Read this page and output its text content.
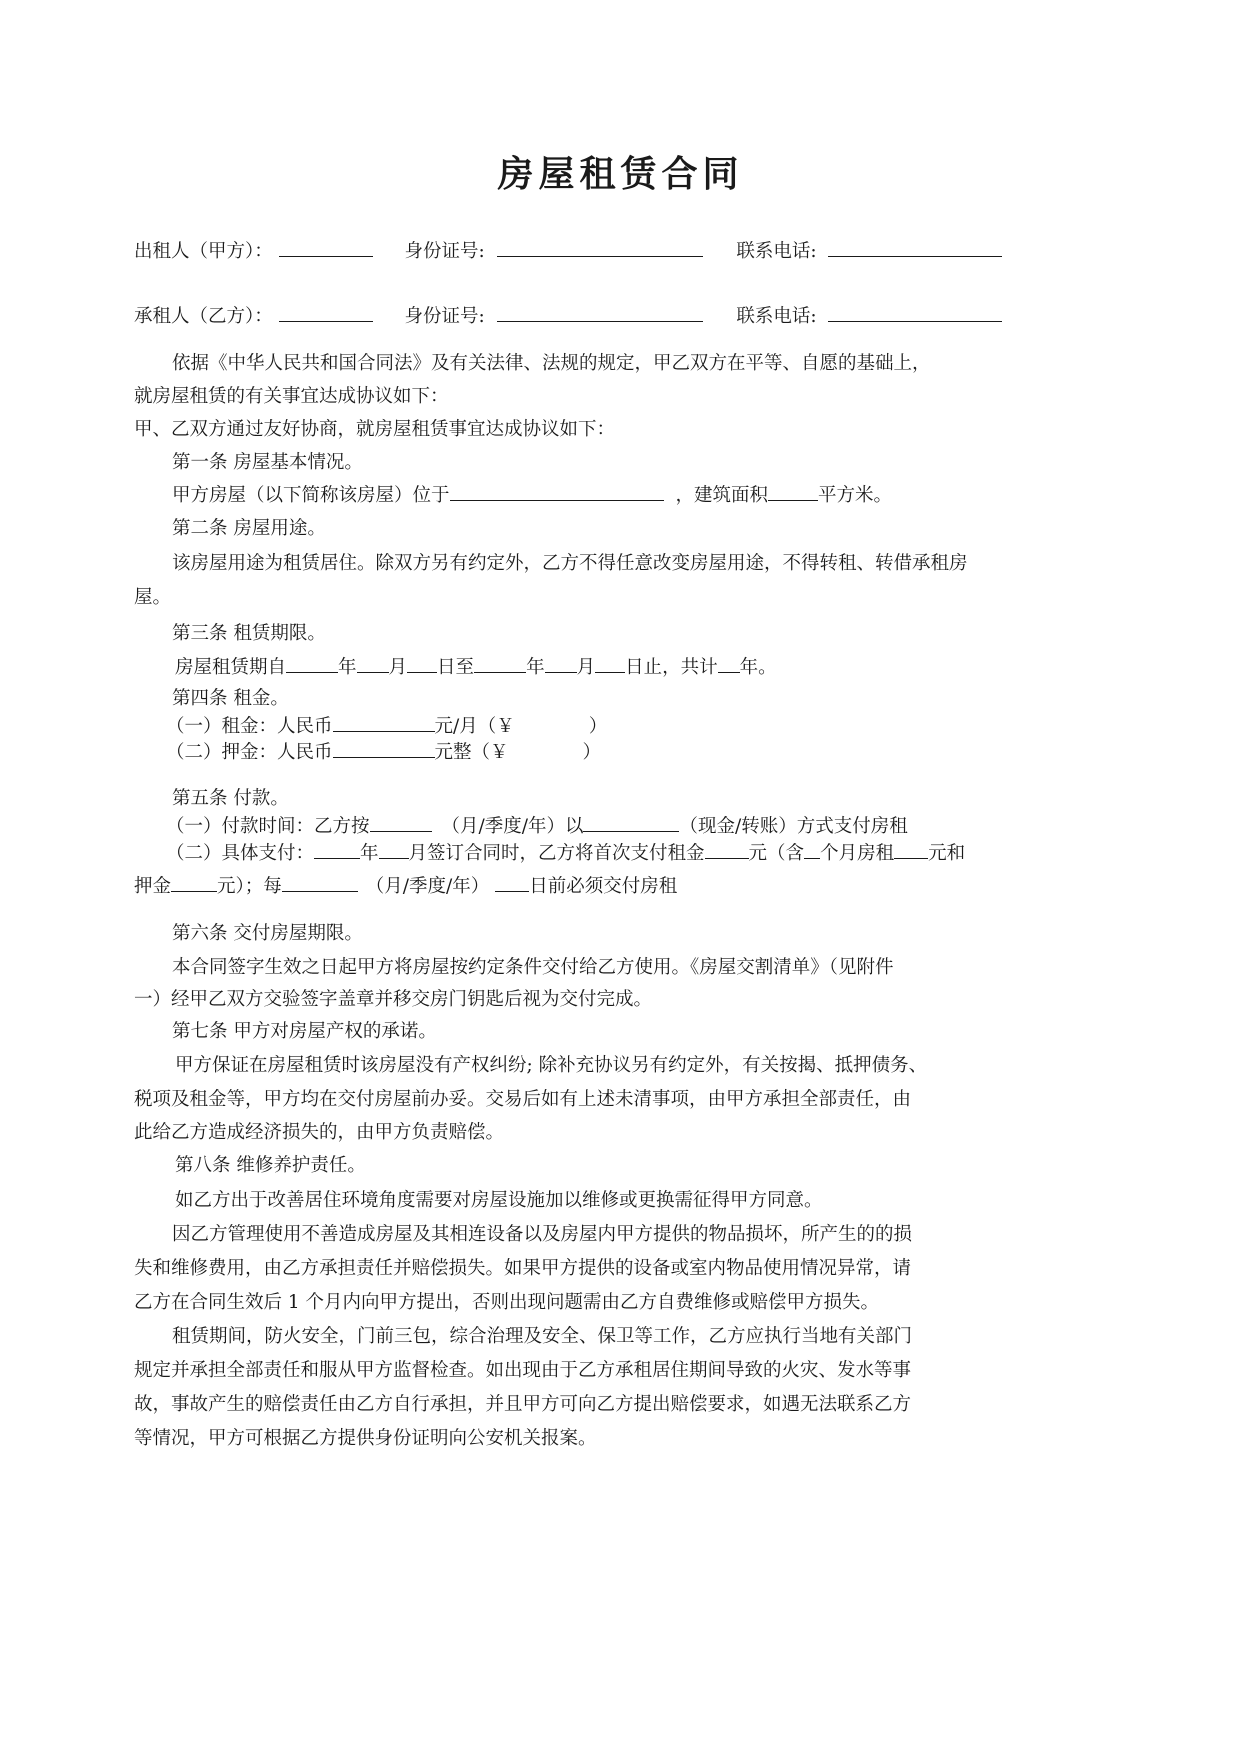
房屋租赁合同
出租人（甲方）：	身份证号:	联系电话:
承租人（乙方）：	身份证号:	联系电话:
依据《中华人民共和国合同法》及有关法律、法规的规定，甲乙双方在平等、自愿的基础上，
就房屋租赁的有关事宜达成协议如下：
甲、乙双方通过友好协商，就房屋租赁事宜达成协议如下：
第一条 房屋基本情况。
甲方房屋（以下简称该房屋）位于	，建筑面积	平方米。
第二条 房屋用途。
该房屋用途为租赁居住。除双方另有约定外，乙方不得任意改变房屋用途，不得转租、转借承租房
屋。
第三条 租赁期限。
房屋租赁期自	年 月 日至	年 月 日止，共计 年。
第四条 租金。
（一）租金：人民币	元/月（￥	）
（二）押金：人民币	元整（￥	）
第五条 付款。
（一）付款时间：乙方按	（月/季度/年）以	（现金/转账）方式支付房租
（二）具体支付： 年 月签订合同时，乙方将首次支付租金 元（含 个月房租 元和
押金 元）；每	（月/季度/年） 日前必须交付房租
第六条 交付房屋期限。
本合同签字生效之日起甲方将房屋按约定条件交付给乙方使用。《房屋交割清单》（见附件
一）经甲乙双方交验签字盖章并移交房门钥匙后视为交付完成。
第七条 甲方对房屋产权的承诺。
甲方保证在房屋租赁时该房屋没有产权纠纷; 除补充协议另有约定外，有关按揭、抵押债务、
税项及租金等，甲方均在交付房屋前办妥。交易后如有上述未清事项，由甲方承担全部责任，由
此给乙方造成经济损失的，由甲方负责赔偿。
第八条 维修养护责任。
如乙方出于改善居住环境角度需要对房屋设施加以维修或更换需征得甲方同意。
因乙方管理使用不善造成房屋及其相连设备以及房屋内甲方提供的物品损坏，所产生的的损
失和维修费用，由乙方承担责任并赔偿损失。如果甲方提供的设备或室内物品使用情况异常，请
乙方在合同生效后 1 个月内向甲方提出，否则出现问题需由乙方自费维修或赔偿甲方损失。
租赁期间，防火安全，门前三包，综合治理及安全、保卫等工作，乙方应执行当地有关部门
规定并承担全部责任和服从甲方监督检查。如出现由于乙方承租居住期间导致的火灾、发水等事
故，事故产生的赔偿责任由乙方自行承担，并且甲方可向乙方提出赔偿要求，如遇无法联系乙方
等情况，甲方可根据乙方提供身份证明向公安机关报案。
